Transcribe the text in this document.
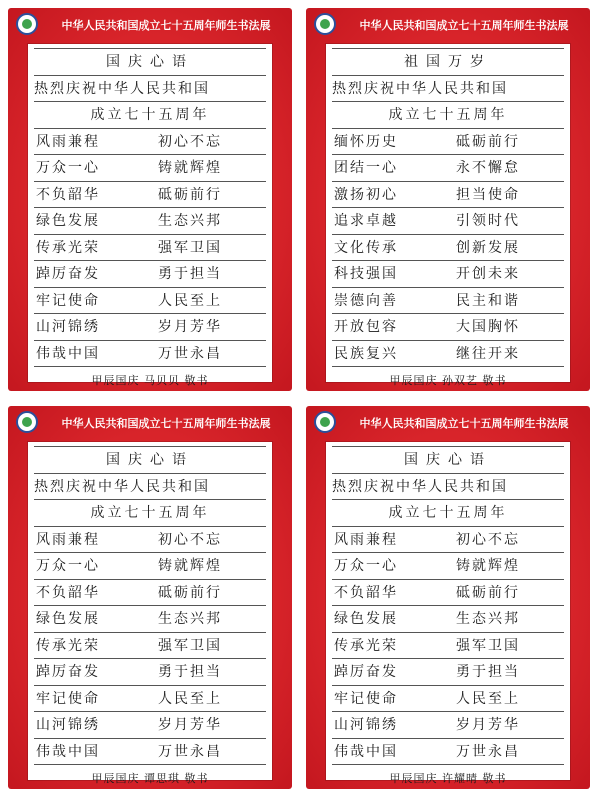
中华人民共和国成立七十五周年师生书法展
国庆心语
热烈庆祝中华人民共和国
成立七十五周年
风雨兼程	初心不忘
万众一心	铸就辉煌
不负韶华	砥砺前行
绿色发展	生态兴邦
传承光荣	强军卫国
踔厉奋发	勇于担当
牢记使命	人民至上
山河锦绣	岁月芳华
伟哉中国	万世永昌
甲辰国庆 马贝贝 敬书
中华人民共和国成立七十五周年师生书法展
祖国万岁
热烈庆祝中华人民共和国
成立七十五周年
缅怀历史	砥砺前行
团结一心	永不懈怠
激扬初心	担当使命
追求卓越	引领时代
文化传承	创新发展
科技强国	开创未来
崇德向善	民主和谐
开放包容	大国胸怀
民族复兴	继往开来
甲辰国庆 孙双艺 敬书
中华人民共和国成立七十五周年师生书法展
国庆心语
热烈庆祝中华人民共和国
成立七十五周年
风雨兼程	初心不忘
万众一心	铸就辉煌
不负韶华	砥砺前行
绿色发展	生态兴邦
传承光荣	强军卫国
踔厉奋发	勇于担当
牢记使命	人民至上
山河锦绣	岁月芳华
伟哉中国	万世永昌
甲辰国庆 谭思琪 敬书
中华人民共和国成立七十五周年师生书法展
国庆心语
热烈庆祝中华人民共和国
成立七十五周年
风雨兼程	初心不忘
万众一心	铸就辉煌
不负韶华	砥砺前行
绿色发展	生态兴邦
传承光荣	强军卫国
踔厉奋发	勇于担当
牢记使命	人民至上
山河锦绣	岁月芳华
伟哉中国	万世永昌
甲辰国庆 许耀晴 敬书
